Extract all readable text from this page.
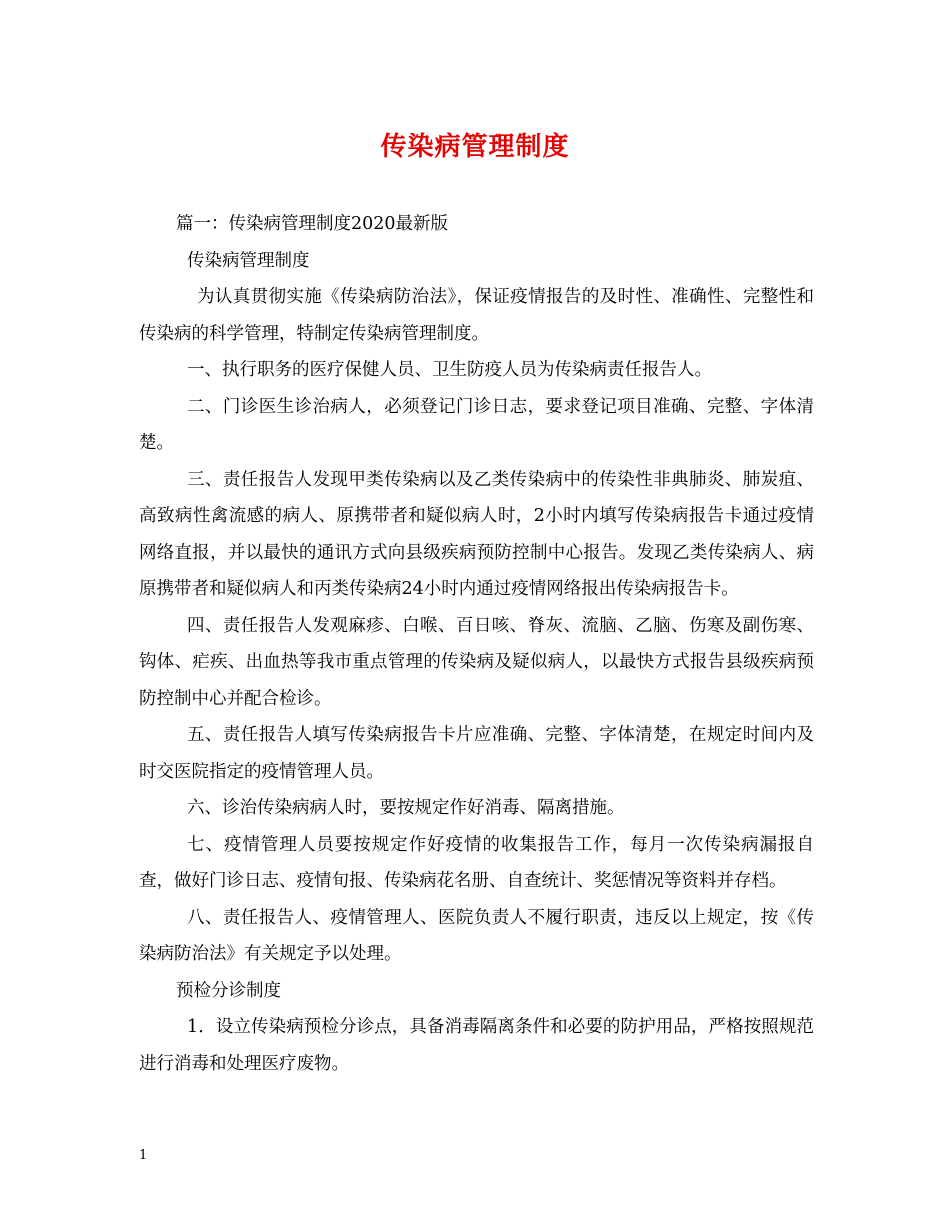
传染病管理制度

篇一：传染病管理制度2020最新版

传染病管理制度

为认真贯彻实施《传染病防治法》，保证疫情报告的及时性、准确性、完整性和传染病的科学管理，特制定传染病管理制度。

一、执行职务的医疗保健人员、卫生防疫人员为传染病责任报告人。

二、门诊医生诊治病人，必须登记门诊日志，要求登记项目准确、完整、字体清楚。

三、责任报告人发现甲类传染病以及乙类传染病中的传染性非典肺炎、肺炭疽、高致病性禽流感的病人、原携带者和疑似病人时，2小时内填写传染病报告卡通过疫情网络直报，并以最快的通讯方式向县级疾病预防控制中心报告。发现乙类传染病人、病原携带者和疑似病人和丙类传染病24小时内通过疫情网络报出传染病报告卡。

四、责任报告人发观麻疹、白喉、百日咳、脊灰、流脑、乙脑、伤寒及副伤寒、钩体、疟疾、出血热等我市重点管理的传染病及疑似病人，以最快方式报告县级疾病预防控制中心并配合检诊。

五、责任报告人填写传染病报告卡片应准确、完整、字体清楚，在规定时间内及时交医院指定的疫情管理人员。

六、诊治传染病病人时，要按规定作好消毒、隔离措施。

七、疫情管理人员要按规定作好疫情的收集报告工作，每月一次传染病漏报自查，做好门诊日志、疫情旬报、传染病花名册、自查统计、奖惩情况等资料并存档。

八、责任报告人、疫情管理人、医院负责人不履行职责，违反以上规定，按《传染病防治法》有关规定予以处理。

预检分诊制度

1．设立传染病预检分诊点，具备消毒隔离条件和必要的防护用品，严格按照规范进行消毒和处理医疗废物。

1
